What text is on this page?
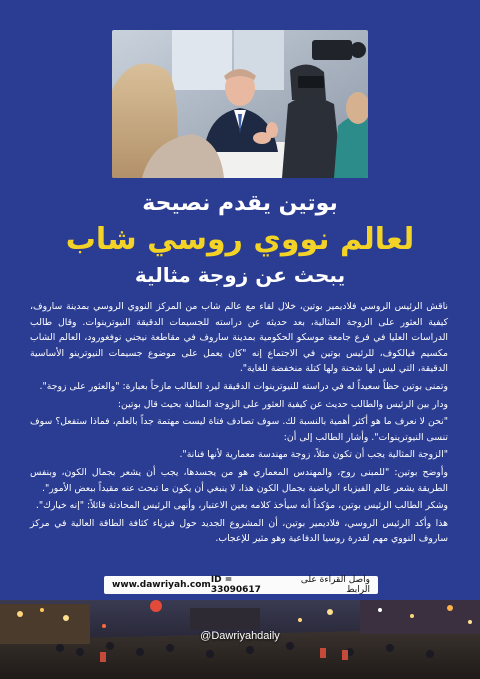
بوتين يقدم نصيحة
لعالم نووي روسي شاب
يبحث عن زوجة مثالية

ناقش الرئيس الروسي فلاديمير بوتين، خلال لقاء مع عالم شاب من المركز النووي الروسي بمدينة ساروف، كيفية العثور على الزوجة المثالية، بعد حديثه عن دراسته للجسيمات الدقيقة النيوترينوات. وقال طالب الدراسات العليا في فرع جامعة موسكو الحكومية بمدينة ساروف في مقاطعة نيجني نوفغورود، العالم الشاب مكسيم فيالكوف، للرئيس بوتين في الاجتماع إنه "كان يعمل على موضوع جسيمات النيوترينو الأساسية الدقيقة، التي ليس لها شحنة ولها كتلة منخفضة للغاية".

وتمنى بوتين حظاً سعيداً له في دراسته للنيوترينوات الدقيقة ليرد الطالب مازحاً بعبارة: "والعثور على زوجة".

ودار بين الرئيس والطالب حديث عن كيفية العثور على الزوجة المثالية بحيث قال بوتين:

"نحن لا نعرف ما هو أكثر أهمية بالنسبة لك. سوف تصادف فتاة ليست مهتمة جداً بالعلم، فماذا ستفعل؟ سوف تنسى النيوترينوات". وأشار الطالب إلى أن:

"الزوجة المثالية يجب أن تكون مثلاً، زوجة مهندسة معمارية لأنها فنانة".

وأوضح بوتين: "للمبنى روح، والمهندس المعماري هو من يجسدها، يجب أن يشعر بجمال الكون، وبنفس الطريقة يشعر عالم الفيزياء الرياضية بجمال الكون هذا، لا ينبغي أن يكون ما تبحث عنه مقيداً ببعض الأمور".

وشكر الطالب الرئيس بوتين، مؤكداً أنه سيأخذ كلامه بعين الاعتبار، وأنهى الرئيس المحادثة قائلاً: "إنه خيارك".

هذا وأكد الرئيس الروسي، فلاديمير بوتين، أن المشروع الجديد حول فيزياء كثافة الطاقة العالية في مركز ساروف النووي مهم لقدرة روسيا الدفاعية وهو مثير للإعجاب.

www.dawriyah.com ID = 33090617
واصل القراءة على الرابط
@Dawriyahdaily
